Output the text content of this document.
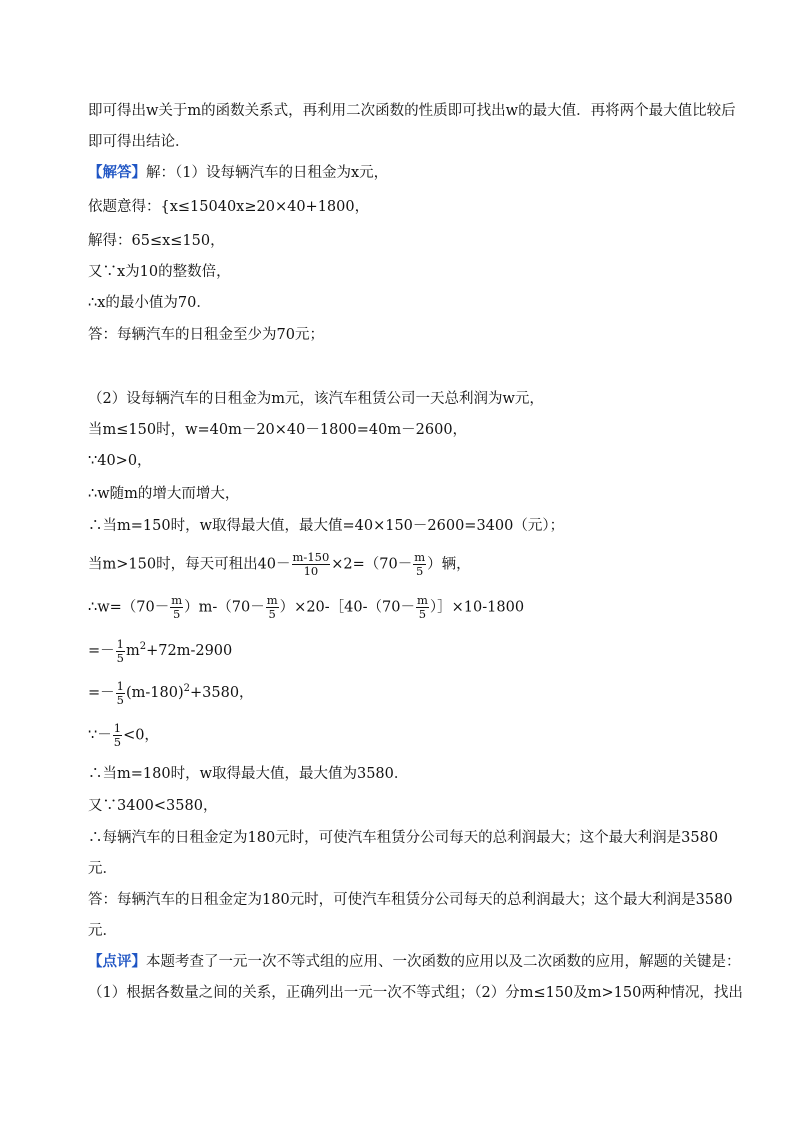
即可得出w关于m的函数关系式，再利用二次函数的性质即可找出w的最大值．再将两个最大值比较后
即可得出结论．
【解答】解：（1）设每辆汽车的日租金为x元，
依题意得：{x≤15040x≥20×40+1800，
解得：65≤x≤150，
又∵x为10的整数倍，
∴x的最小值为70．
答：每辆汽车的日租金至少为70元；
（2）设每辆汽车的日租金为m元，该汽车租赁公司一天总利润为w元，
当m≤150时，w=40m－20×40－1800=40m－2600，
∵40>0，
∴w随m的增大而增大，
∴当m=150时，w取得最大值，最大值=40×150－2600=3400（元）；
当m>150时，每天可租出$40- \frac{m-150}{10} \times 2=(70- \frac{m}{5}$ ）辆，
∴w=（70－ $\frac{m}{5} )m-(70- \frac{m}{5}$ ）×20-［40-（70－ $\frac{m}{5}$ ）］×10-1800
=－ $\frac{1}{5} m^2+72m-2900$
=－ $\frac{1}{5} (m-180)^2+3580$，
∵－ $\frac{1}{5} <0$，
∴当m=180时，w取得最大值，最大值为3580．
又∵3400<3580，
∴每辆汽车的日租金定为180元时，可使汽车租赁分公司每天的总利润最大；这个最大利润是3580
元．
答：每辆汽车的日租金定为180元时，可使汽车租赁分公司每天的总利润最大；这个最大利润是3580
元．
【点评】本题考查了一元一次不等式组的应用、一次函数的应用以及二次函数的应用，解题的关键是：
（1）根据各数量之间的关系，正确列出一元一次不等式组；（2）分m≤150及m>150两种情况，找出
